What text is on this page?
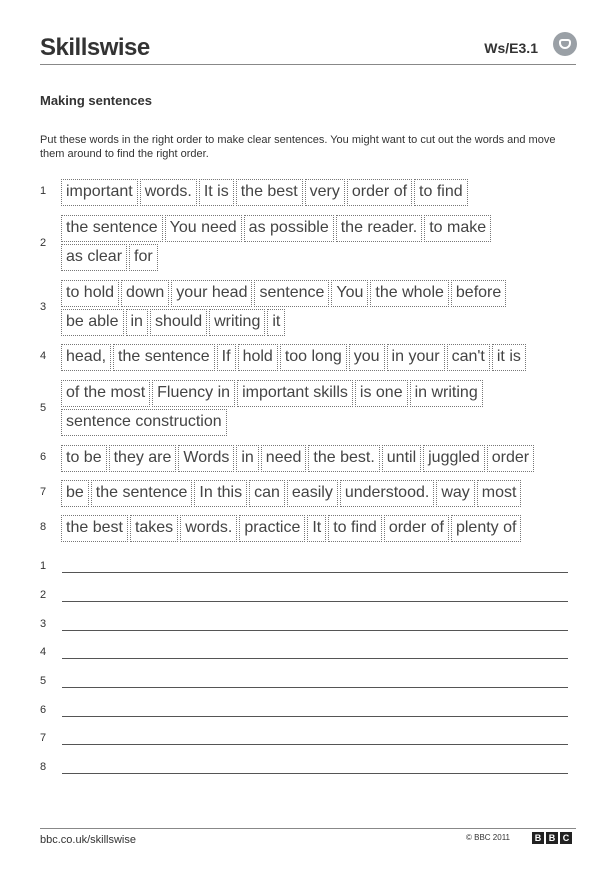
Skillswise	Ws/E3.1
Making sentences
Put these words in the right order to make clear sentences. You might want to cut out the words and move them around to find the right order.
1	important words. It is the best very order of to find
2
the sentence You need as possible the reader. to make
as clear for
3
to hold down your head sentence You the whole before
be able in should writing it
4	head, the sentence If hold too long you in your can't it is
5
of the most Fluency in important skills is one in writing
sentence construction
6	to be they are Words in need the best. until juggled order
7	be the sentence In this can easily understood. way most
8	the best takes words. practice It to find order of plenty of
1
2
3
4
5
6
7
8
bbc.co.uk/skillswise	© BBC 2011	B B C
